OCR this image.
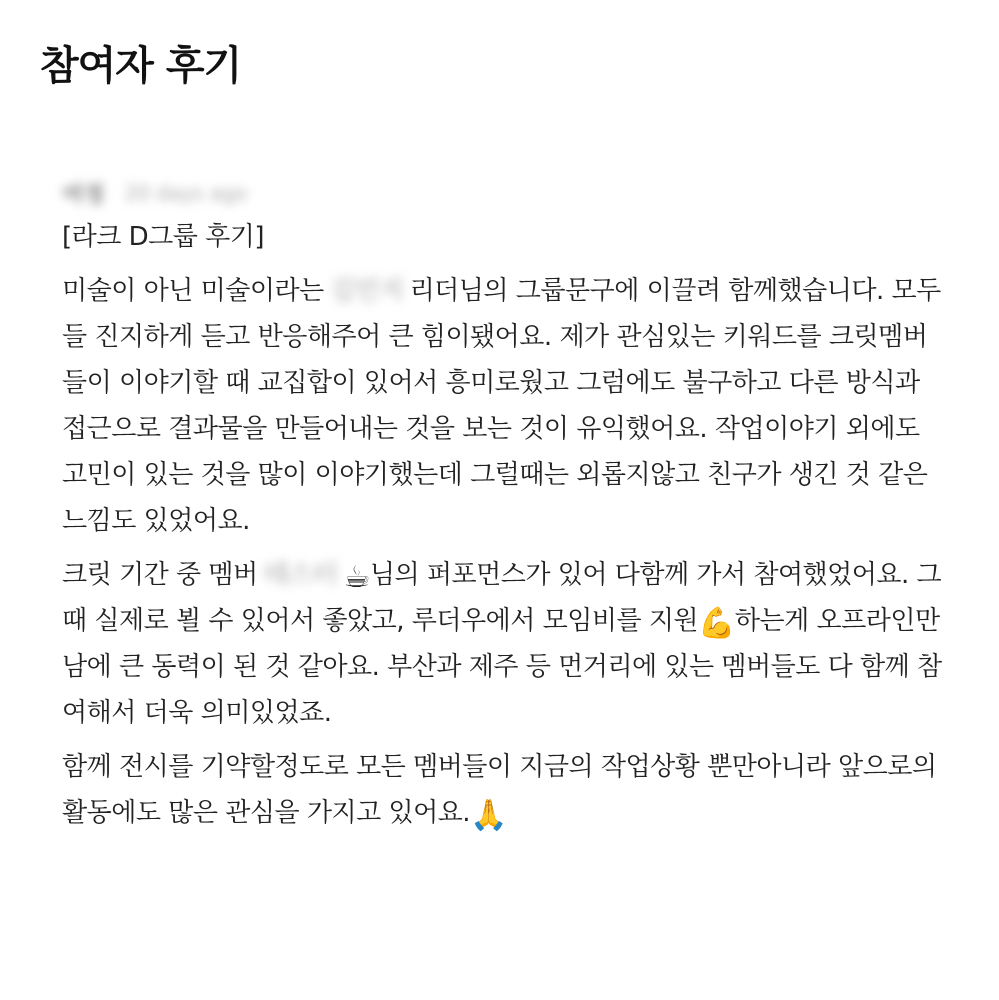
참여자 후기
여정 20 days ago

[라크 D그룹 후기]

미술이 아닌 미술이라는 김민지 리더님의 그룹문구에 이끌려 함께했습니다. 모두들 진지하게 듣고 반응해주어 큰 힘이됐어요. 제가 관심있는 키워드를 크릿멤버들이 이야기할 때 교집합이 있어서 흥미로웠고 그럼에도 불구하고 다른 방식과 접근으로 결과물을 만들어내는 것을 보는 것이 유익했어요. 작업이야기 외에도 고민이 있는 것을 많이 이야기했는데 그럴때는 외롭지않고 친구가 생긴 것 같은 느낌도 있었어요.

크릿 기간 중 멤버 테스터 ☕님의 퍼포먼스가 있어 다함께 가서 참여했었어요. 그 때 실제로 뵐 수 있어서 좋았고, 루더우에서 모임비를 지원💪하는게 오프라인만남에 큰 동력이 된 것 같아요. 부산과 제주 등 먼거리에 있는 멤버들도 다 함께 참여해서 더욱 의미있었죠.

함께 전시를 기약할정도로 모든 멤버들이 지금의 작업상황 뿐만아니라 앞으로의 활동에도 많은 관심을 가지고 있어요.🙏
